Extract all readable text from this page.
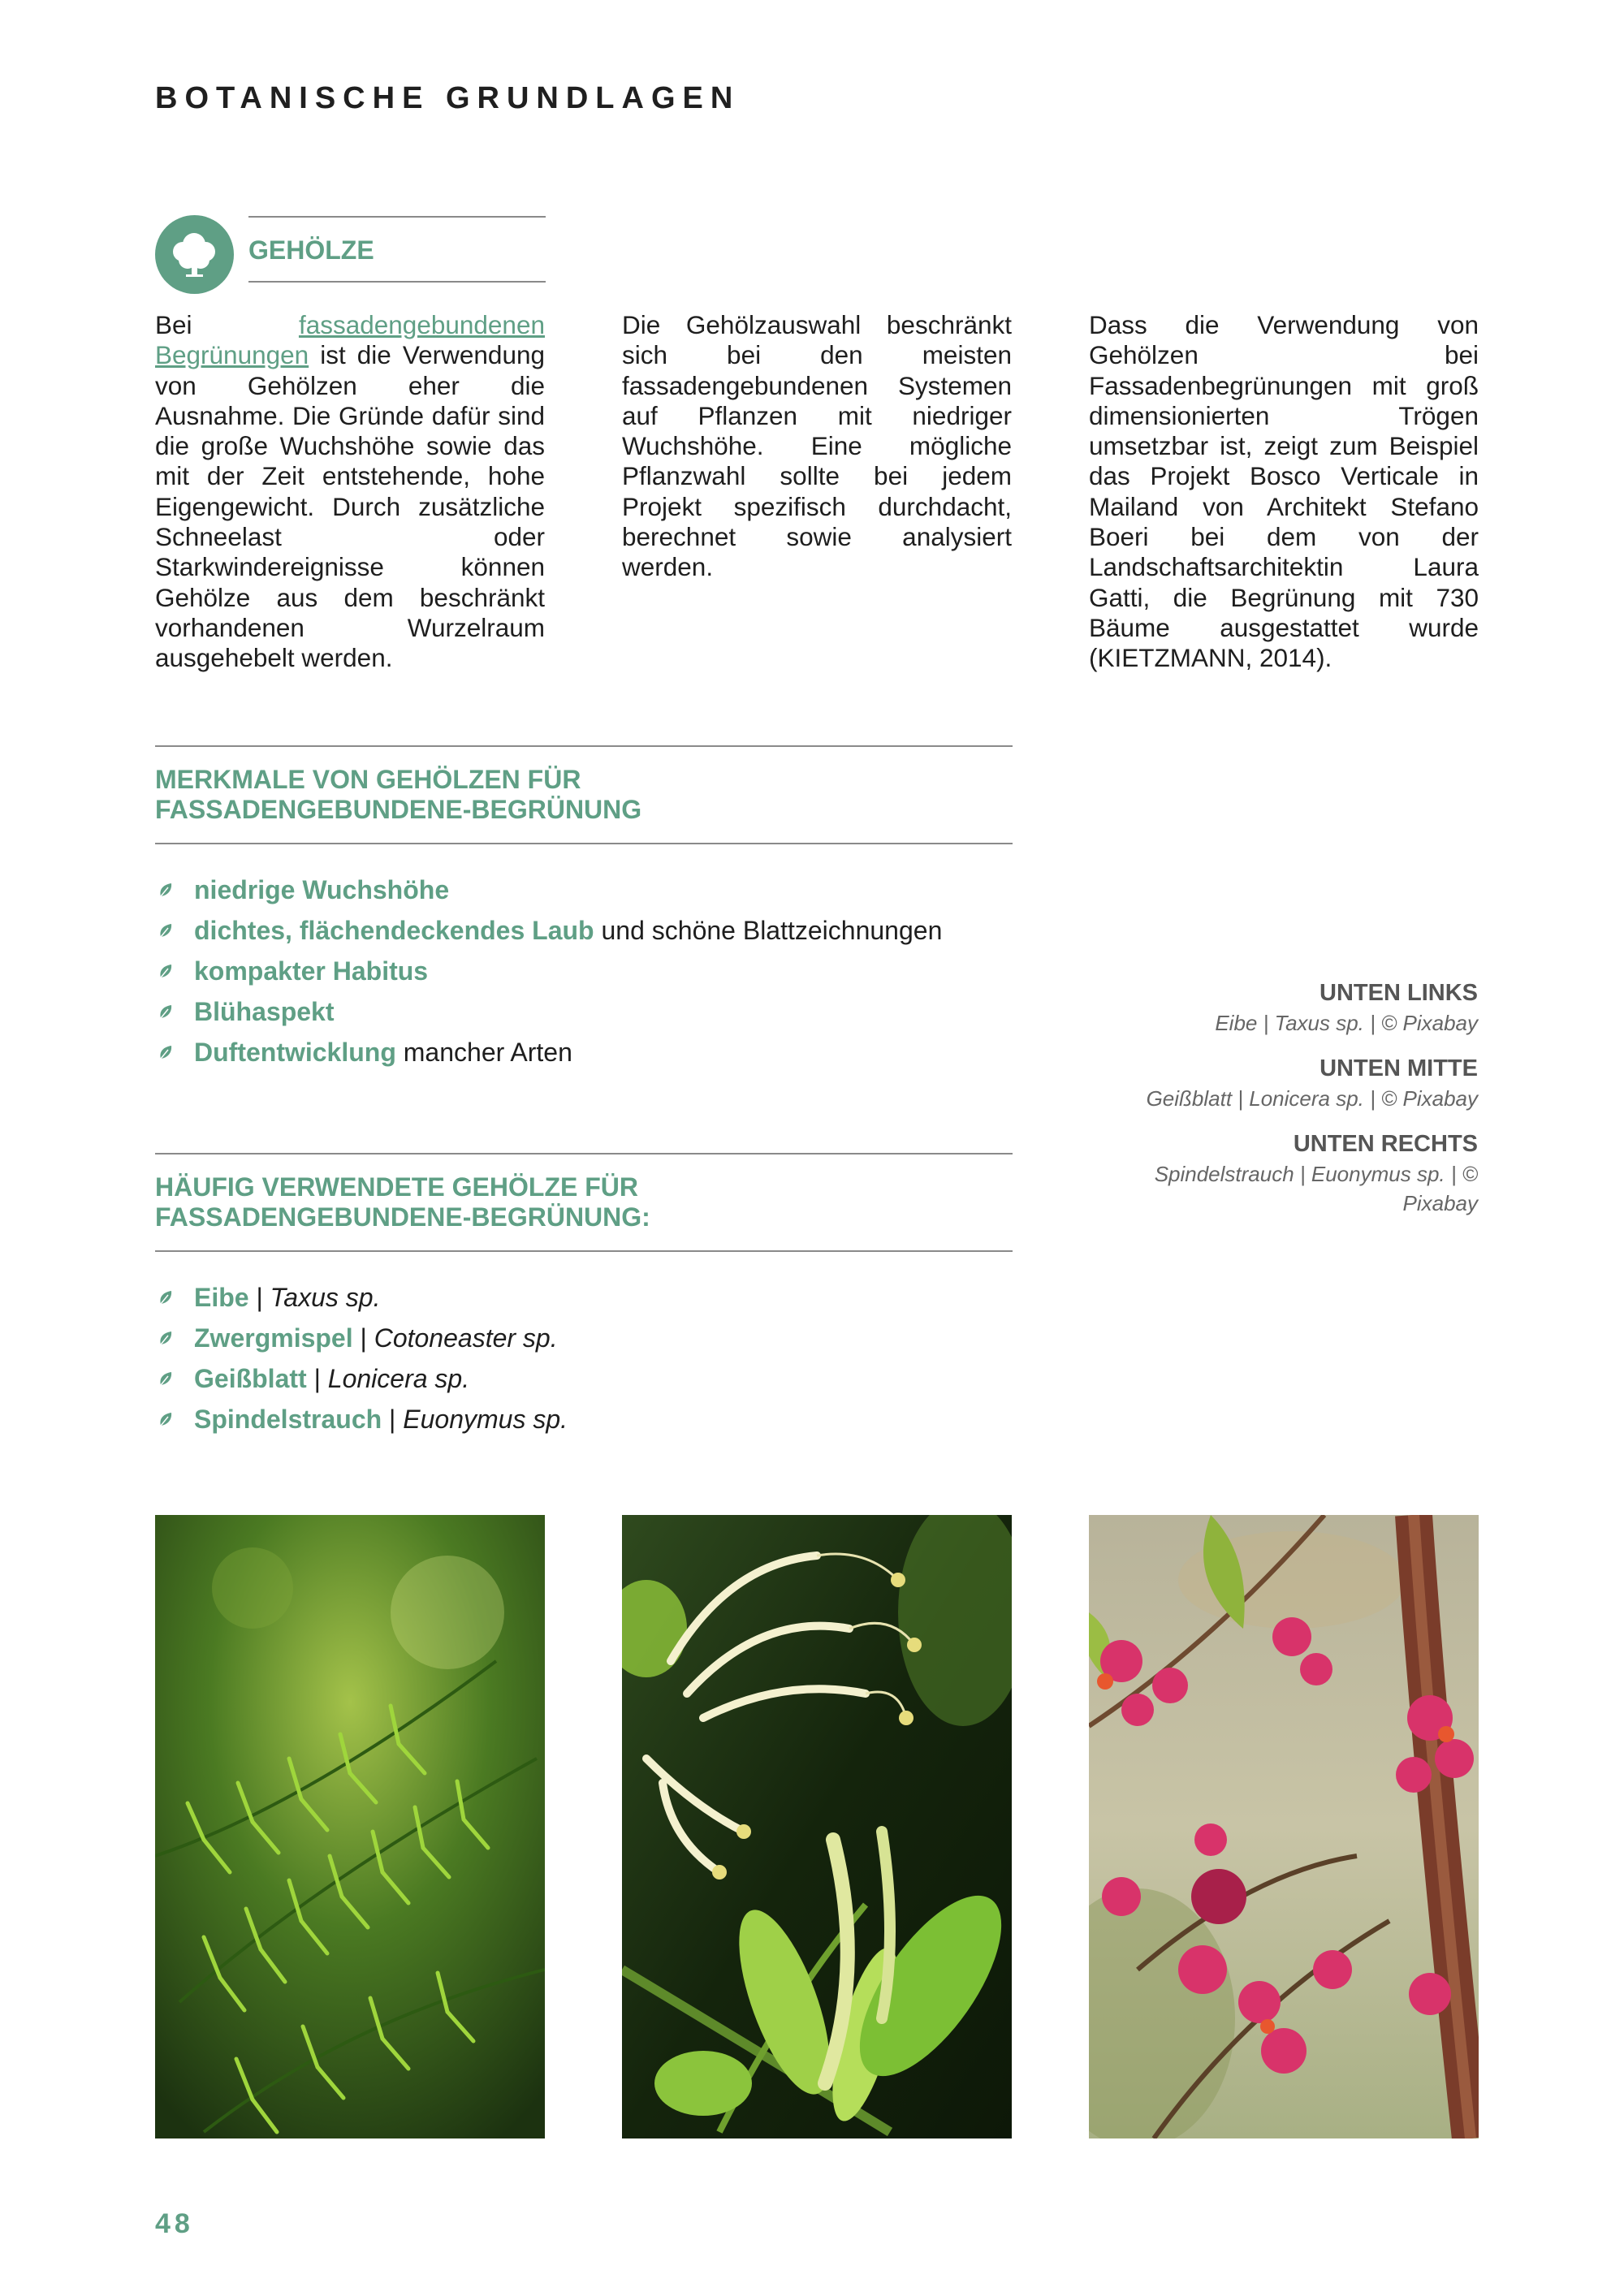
BOTANISCHE GRUNDLAGEN
GEHÖLZE
Bei fassadengebundenen Begrünungen ist die Verwendung von Gehölzen eher die Ausnahme. Die Gründe dafür sind die große Wuchshöhe sowie das mit der Zeit entstehende, hohe Eigengewicht. Durch zusätzliche Schneelast oder Starkwindereignisse können Gehölze aus dem beschränkt vorhandenen Wurzelraum ausgehebelt werden.
Die Gehölzauswahl beschränkt sich bei den meisten fassadengebundenen Systemen auf Pflanzen mit niedriger Wuchshöhe. Eine mögliche Pflanzwahl sollte bei jedem Projekt spezifisch durchdacht, berechnet sowie analysiert werden.
Dass die Verwendung von Gehölzen bei Fassadenbegrünungen mit groß dimensionierten Trögen umsetzbar ist, zeigt zum Beispiel das Projekt Bosco Verticale in Mailand von Architekt Stefano Boeri bei dem von der Landschaftsarchitektin Laura Gatti, die Begrünung mit 730 Bäume ausgestattet wurde (KIETZMANN, 2014).
MERKMALE VON GEHÖLZEN FÜR
FASSADENGEBUNDENE-BEGRÜNUNG
niedrige Wuchshöhe
dichtes, flächendeckendes Laub und schöne Blattzeichnungen
kompakter Habitus
Blühaspekt
Duftentwicklung mancher Arten
HÄUFIG VERWENDETE GEHÖLZE FÜR
FASSADENGEBUNDENE-BEGRÜNUNG:
Eibe | Taxus sp.
Zwergmispel | Cotoneaster sp.
Geißblatt | Lonicera sp.
Spindelstrauch | Euonymus sp.
UNTEN LINKS
Eibe | Taxus sp. | © Pixabay
UNTEN MITTE
Geißblatt | Lonicera sp. | © Pixabay
UNTEN RECHTS
Spindelstrauch | Euonymus sp. | © Pixabay
48
